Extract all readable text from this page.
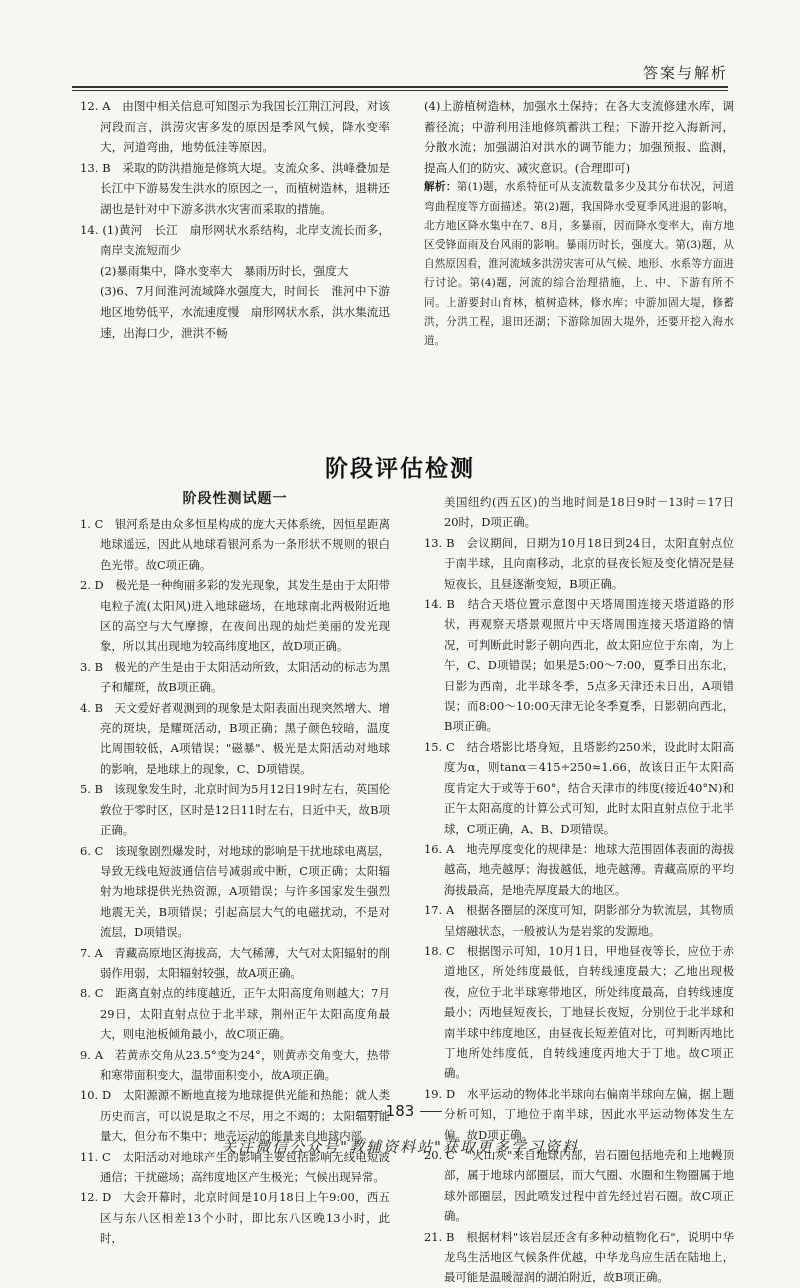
答案与解析

12. A　由图中相关信息可知图示为我国长江荆江河段，对该河段而言，洪涝灾害多发的原因是季风气候，降水变率大，河道弯曲，地势低洼等原因。

13. B　采取的防洪措施是修筑大堤。支流众多、洪峰叠加是长江中下游易发生洪水的原因之一，而植树造林，退耕还湖也是针对中下游多洪水灾害而采取的措施。

14. (1)黄河　长江　扇形网状水系结构，北岸支流长而多，南岸支流短而少

(2)暴雨集中，降水变率大　暴雨历时长，强度大

(3)6、7月间淮河流域降水强度大，时间长　淮河中下游地区地势低平，水流速度慢　扇形网状水系，洪水集流迅速，出海口少，泄洪不畅

(4)上游植树造林，加强水土保持；在各大支流修建水库，调蓄径流；中游利用洼地修筑蓄洪工程；下游开挖入海新河，分散水流；加强湖泊对洪水的调节能力；加强预报、监测，提高人们的防灾、减灾意识。(合理即可)

解析：第(1)题，水系特征可从支流数量多少及其分布状况，河道弯曲程度等方面描述。第(2)题，我国降水受夏季风进退的影响，北方地区降水集中在7、8月，多暴雨，因而降水变率大，南方地区受锋面雨及台风雨的影响。暴雨历时长，强度大。第(3)题，从自然原因看，淮河流域多洪涝灾害可从气候、地形、水系等方面进行讨论。第(4)题，河流的综合治理措施，上、中、下游有所不同。上游要封山育林，植树造林，修水库；中游加固大堤，修蓄洪，分洪工程，退田还湖；下游除加固大堤外，还要开挖入海水道。

阶段评估检测
阶段性测试题一

1. C　银河系是由众多恒星构成的庞大天体系统，因恒星距离地球遥远，因此从地球看银河系为一条形状不规则的银白色光带。故C项正确。

2. D　极光是一种绚丽多彩的发光现象，其发生是由于太阳带电粒子流(太阳风)进入地球磁场，在地球南北两极附近地区的高空与大气摩擦，在夜间出现的灿烂美丽的发光现象，所以其出现地为较高纬度地区，故D项正确。

3. B　极光的产生是由于太阳活动所致，太阳活动的标志为黑子和耀斑，故B项正确。

4. B　天文爱好者观测到的现象是太阳表面出现突然增大、增亮的斑块，是耀斑活动，B项正确；黑子颜色较暗，温度比周围较低，A项错误；"磁暴"、极光是太阳活动对地球的影响，是地球上的现象，C、D项错误。

5. B　该现象发生时，北京时间为5月12日19时左右，英国伦敦位于零时区，区时是12日11时左右，日近中天，故B项正确。

6. C　该现象剧烈爆发时，对地球的影响是干扰地球电离层，导致无线电短波通信信号减弱或中断，C项正确；太阳辐射为地球提供光热资源，A项错误；与许多国家发生强烈地震无关，B项错误；引起高层大气的电磁扰动，不是对流层，D项错误。

7. A　青藏高原地区海拔高，大气稀薄，大气对太阳辐射的削弱作用弱，太阳辐射较强，故A项正确。

8. C　距离直射点的纬度越近，正午太阳高度角则越大；7月29日，太阳直射点位于北半球，荆州正午太阳高度角最大，则电池板倾角最小，故C项正确。

9. A　若黄赤交角从23.5°变为24°，则黄赤交角变大，热带和寒带面积变大，温带面积变小，故A项正确。

10. D　太阳源源不断地直接为地球提供光能和热能；就人类历史而言，可以说是取之不尽，用之不竭的；太阳辐射能量大，但分布不集中；地壳运动的能量来自地球内部。

11. C　太阳活动对地球产生的影响主要包括影响无线电短波通信；干扰磁场；高纬度地区产生极光；气候出现异常。

12. D　大会开幕时，北京时间是10月18日上午9:00，西五区与东八区相差13个小时，即比东八区晚13小时，此时，

美国纽约(西五区)的当地时间是18日9时－13时＝17日20时，D项正确。

13. B　会议期间，日期为10月18日到24日，太阳直射点位于南半球，且向南移动，北京的昼夜长短及变化情况是昼短夜长，且昼逐渐变短，B项正确。

14. B　结合天塔位置示意图中天塔周围连接天塔道路的形状，再观察天塔景观照片中天塔周围连接天塔道路的情况，可判断此时影子朝向西北，故太阳应位于东南，为上午，C、D项错误；如果是5:00～7:00，夏季日出东北，日影为西南，北半球冬季，5点多天津还未日出，A项错误；而8:00～10:00天津无论冬季夏季，日影朝向西北，B项正确。

15. C　结合塔影比塔身短，且塔影约250米，设此时太阳高度为α，则tanα＝415÷250≈1.66，故该日正午太阳高度肯定大于或等于60°，结合天津市的纬度(接近40°N)和正午太阳高度的计算公式可知，此时太阳直射点位于北半球，C项正确，A、B、D项错误。

16. A　地壳厚度变化的规律是：地球大范围固体表面的海拔越高，地壳越厚；海拔越低，地壳越薄。青藏高原的平均海拔最高，是地壳厚度最大的地区。

17. A　根据各圈层的深度可知，阴影部分为软流层，其物质呈熔融状态，一般被认为是岩浆的发源地。

18. C　根据图示可知，10月1日，甲地昼夜等长，应位于赤道地区，所处纬度最低，自转线速度最大；乙地出现极夜，应位于北半球寒带地区，所处纬度最高，自转线速度最小；丙地昼短夜长，丁地昼长夜短，分别位于北半球和南半球中纬度地区，由昼夜长短差值对比，可判断丙地比丁地所处纬度低，自转线速度丙地大于丁地。故C项正确。

19. D　水平运动的物体北半球向右偏南半球向左偏，据上题分析可知，丁地位于南半球，因此水平运动物体发生左偏。故D项正确。

20. C　"火山灰"来自地球内部，岩石圈包括地壳和上地幔顶部，属于地球内部圈层，而大气圈、水圈和生物圈属于地球外部圈层，因此喷发过程中首先经过岩石圈。故C项正确。

21. B　根据材料"该岩层还含有多种动植物化石"，说明中华龙鸟生活地区气候条件优越，中华龙鸟应生活在陆地上，最可能是温暖湿润的湖泊附近，故B项正确。

183
关注微信公众号"教辅资料站"获取更多学习资料
